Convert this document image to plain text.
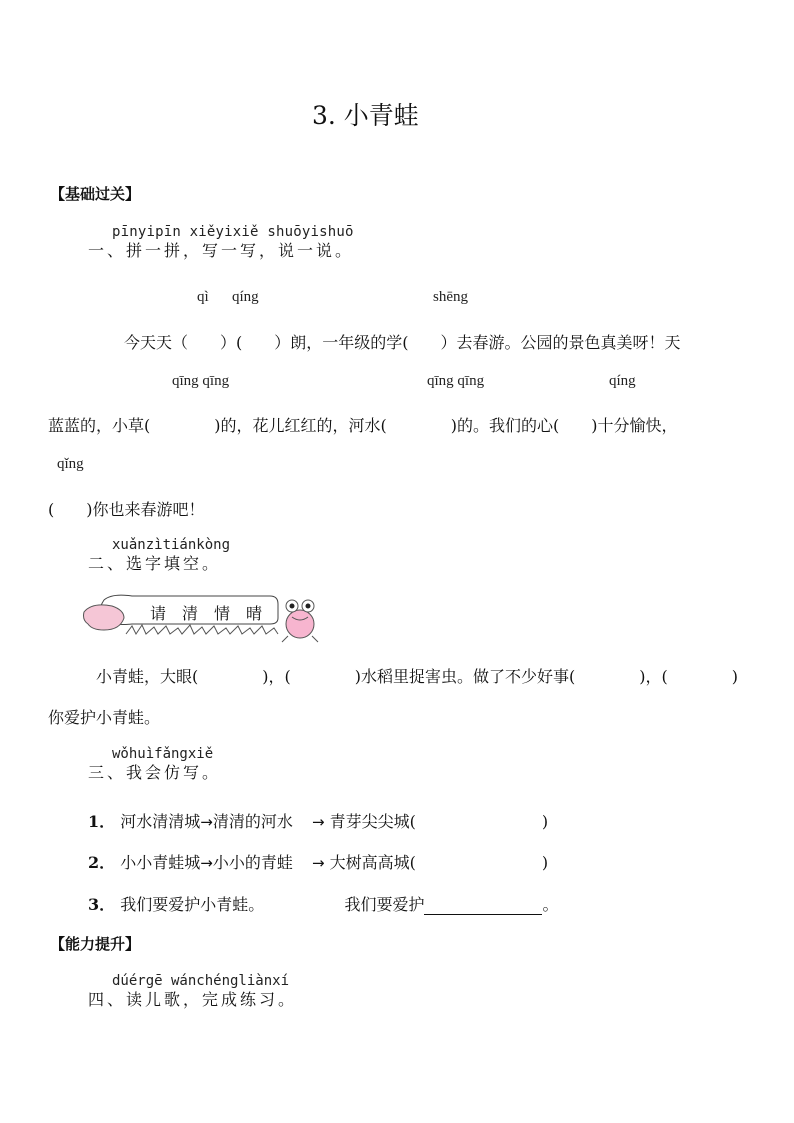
3. 小青蛙
【基础过关】
pīnyipīn xiěyixiě shuōyishuō
一、拼一拼，写一写，说一说。
qì qíng	shēng
今天天（　　）(　　）朗，一年级的学(　　）去春游。公园的景色真美呀！天
qīng qīng	qīng qīng	qíng
蓝蓝的，小草(　　　　)的，花儿红红的，河水(　　　　)的。我们的心(　　)十分愉快，
qǐng
(　　)你也来春游吧！
xuǎnzìtiánkòng
二、选字填空。
请 清 情 晴
小青蛙，大眼(　　　　)，(　　　　)水稻里捉害虫。做了不少好事(　　　　)，(　　　　)
你爱护小青蛙。
wǒhuìfǎngxiě
三、我会仿写。
1． 河水清清城→清清的河水 → 青芽尖尖城(	)
2． 小小青蛙城→小小的青蛙 → 大树高高城(	)
3． 我们要爱护小青蛙。	我们要爱护	。
【能力提升】
dúérgē wánchéngliànxí
四、读儿歌，完成练习。
